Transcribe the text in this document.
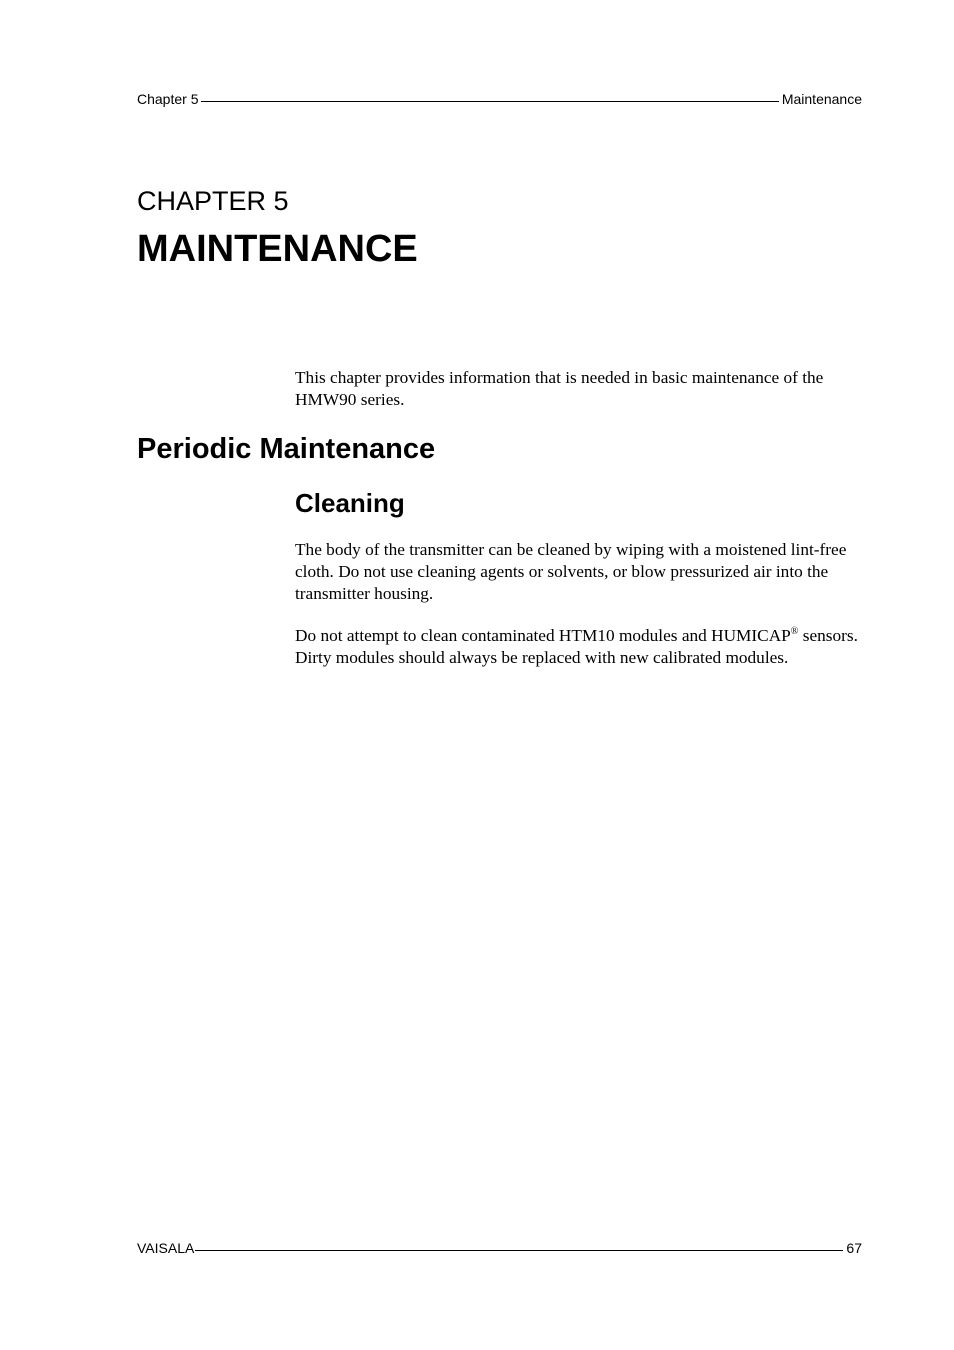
Chapter 5	Maintenance
CHAPTER 5
MAINTENANCE

This chapter provides information that is needed in basic maintenance of the HMW90 series.

Periodic Maintenance
Cleaning

The body of the transmitter can be cleaned by wiping with a moistened lint-free cloth. Do not use cleaning agents or solvents, or blow pressurized air into the transmitter housing.

Do not attempt to clean contaminated HTM10 modules and HUMICAP® sensors. Dirty modules should always be replaced with new calibrated modules.

VAISALA	67
